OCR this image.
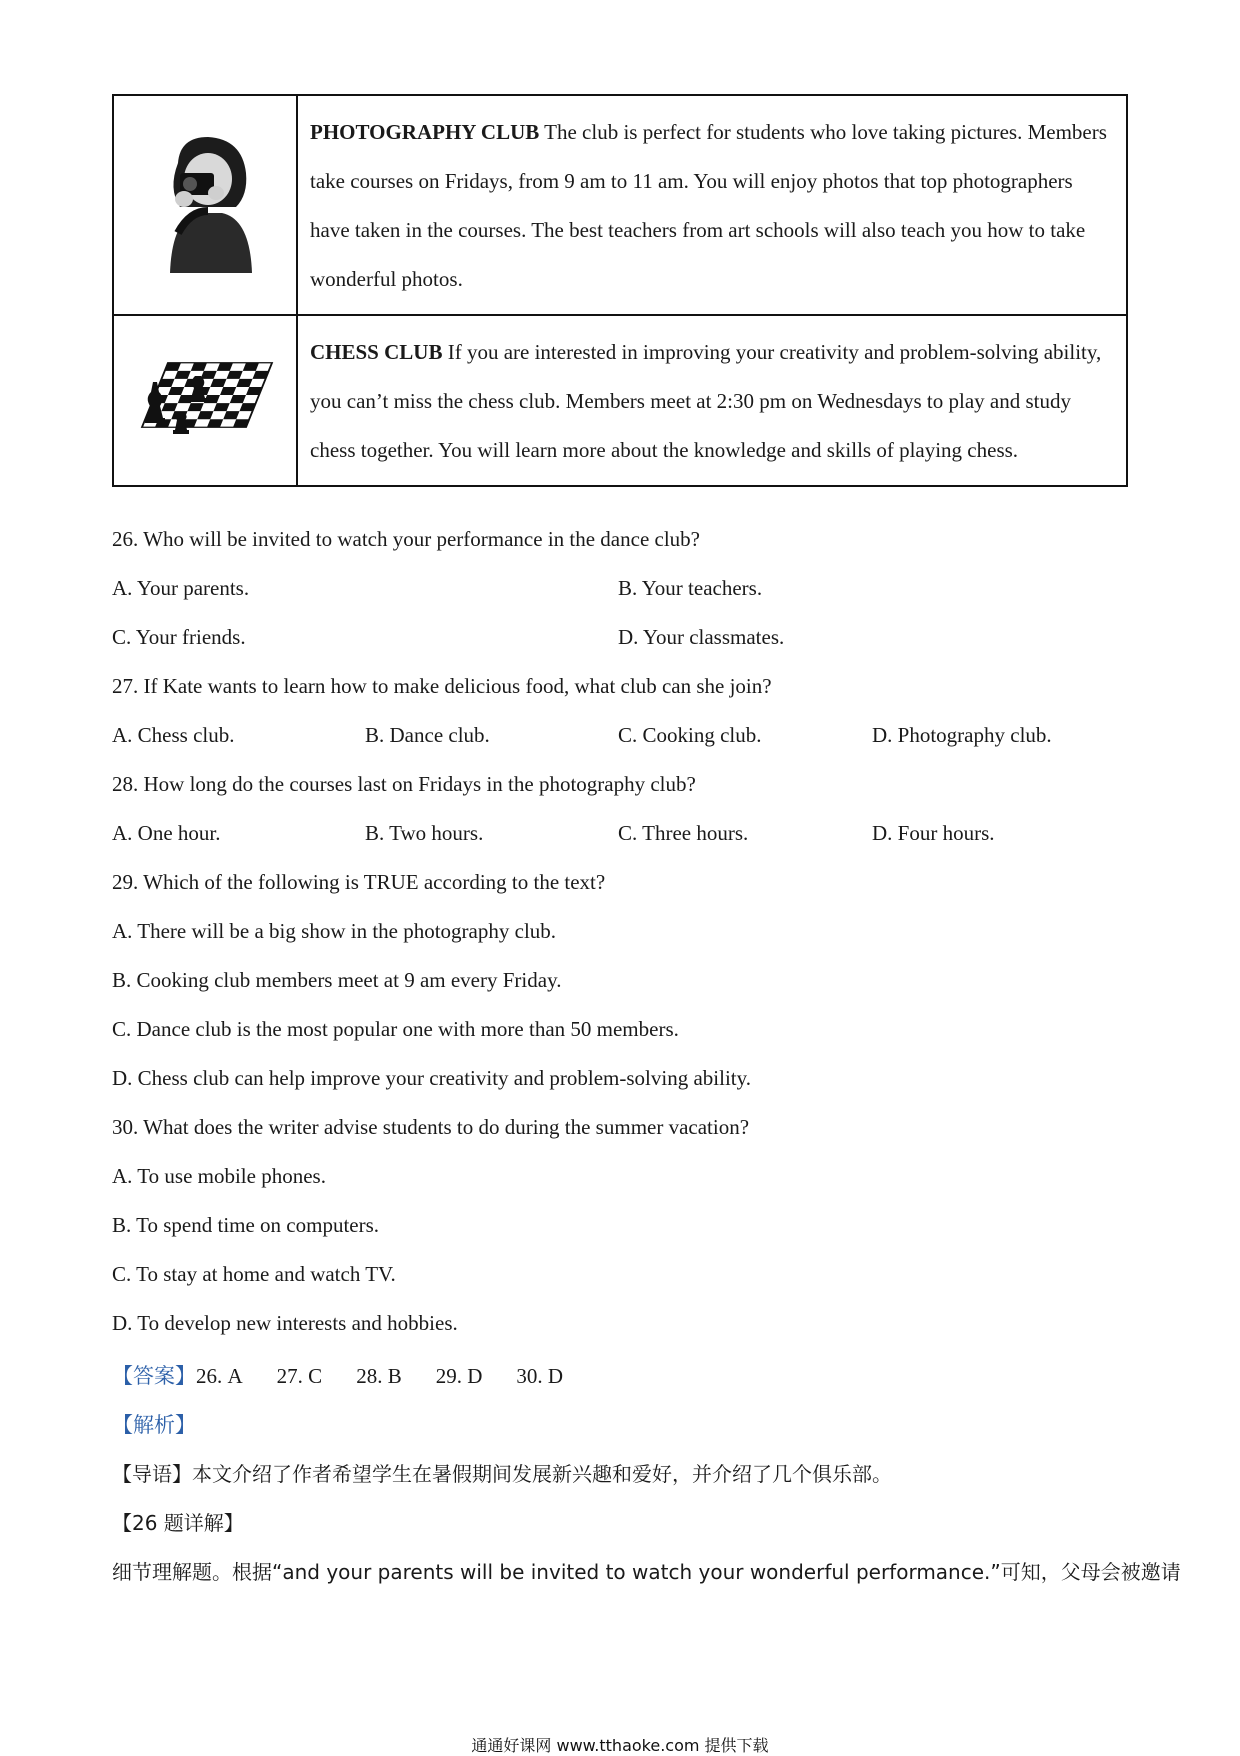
	PHOTOGRAPHY CLUB The club is perfect for students who love taking pictures. Members take courses on Fridays, from 9 am to 11 am. You will enjoy photos that top photographers have taken in the courses. The best teachers from art schools will also teach you how to take wonderful photos.
	CHESS CLUB If you are interested in improving your creativity and problem-solving ability, you can’t miss the chess club. Members meet at 2:30 pm on Wednesdays to play and study chess together. You will learn more about the knowledge and skills of playing chess.
26. Who will be invited to watch your performance in the dance club?
A. Your parents.	B. Your teachers.
C. Your friends.	D. Your classmates.
27. If Kate wants to learn how to make delicious food, what club can she join?
A. Chess club.	B. Dance club.	C. Cooking club.	D. Photography club.
28. How long do the courses last on Fridays in the photography club?
A. One hour.	B. Two hours.	C. Three hours.	D. Four hours.
29. Which of the following is TRUE according to the text?
A. There will be a big show in the photography club.
B. Cooking club members meet at 9 am every Friday.
C. Dance club is the most popular one with more than 50 members.
D. Chess club can help improve your creativity and problem-solving ability.
30. What does the writer advise students to do during the summer vacation?
A. To use mobile phones.
B. To spend time on computers.
C. To stay at home and watch TV.
D. To develop new interests and hobbies.
【答案】26. A 27. C 28. B 29. D 30. D
【解析】
【导语】本文介绍了作者希望学生在暑假期间发展新兴趣和爱好，并介绍了几个俱乐部。
【26 题详解】
细节理解题。根据“and your parents will be invited to watch your wonderful performance.”可知，父母会被邀请
通通好课网 www.tthaoke.com 提供下载
